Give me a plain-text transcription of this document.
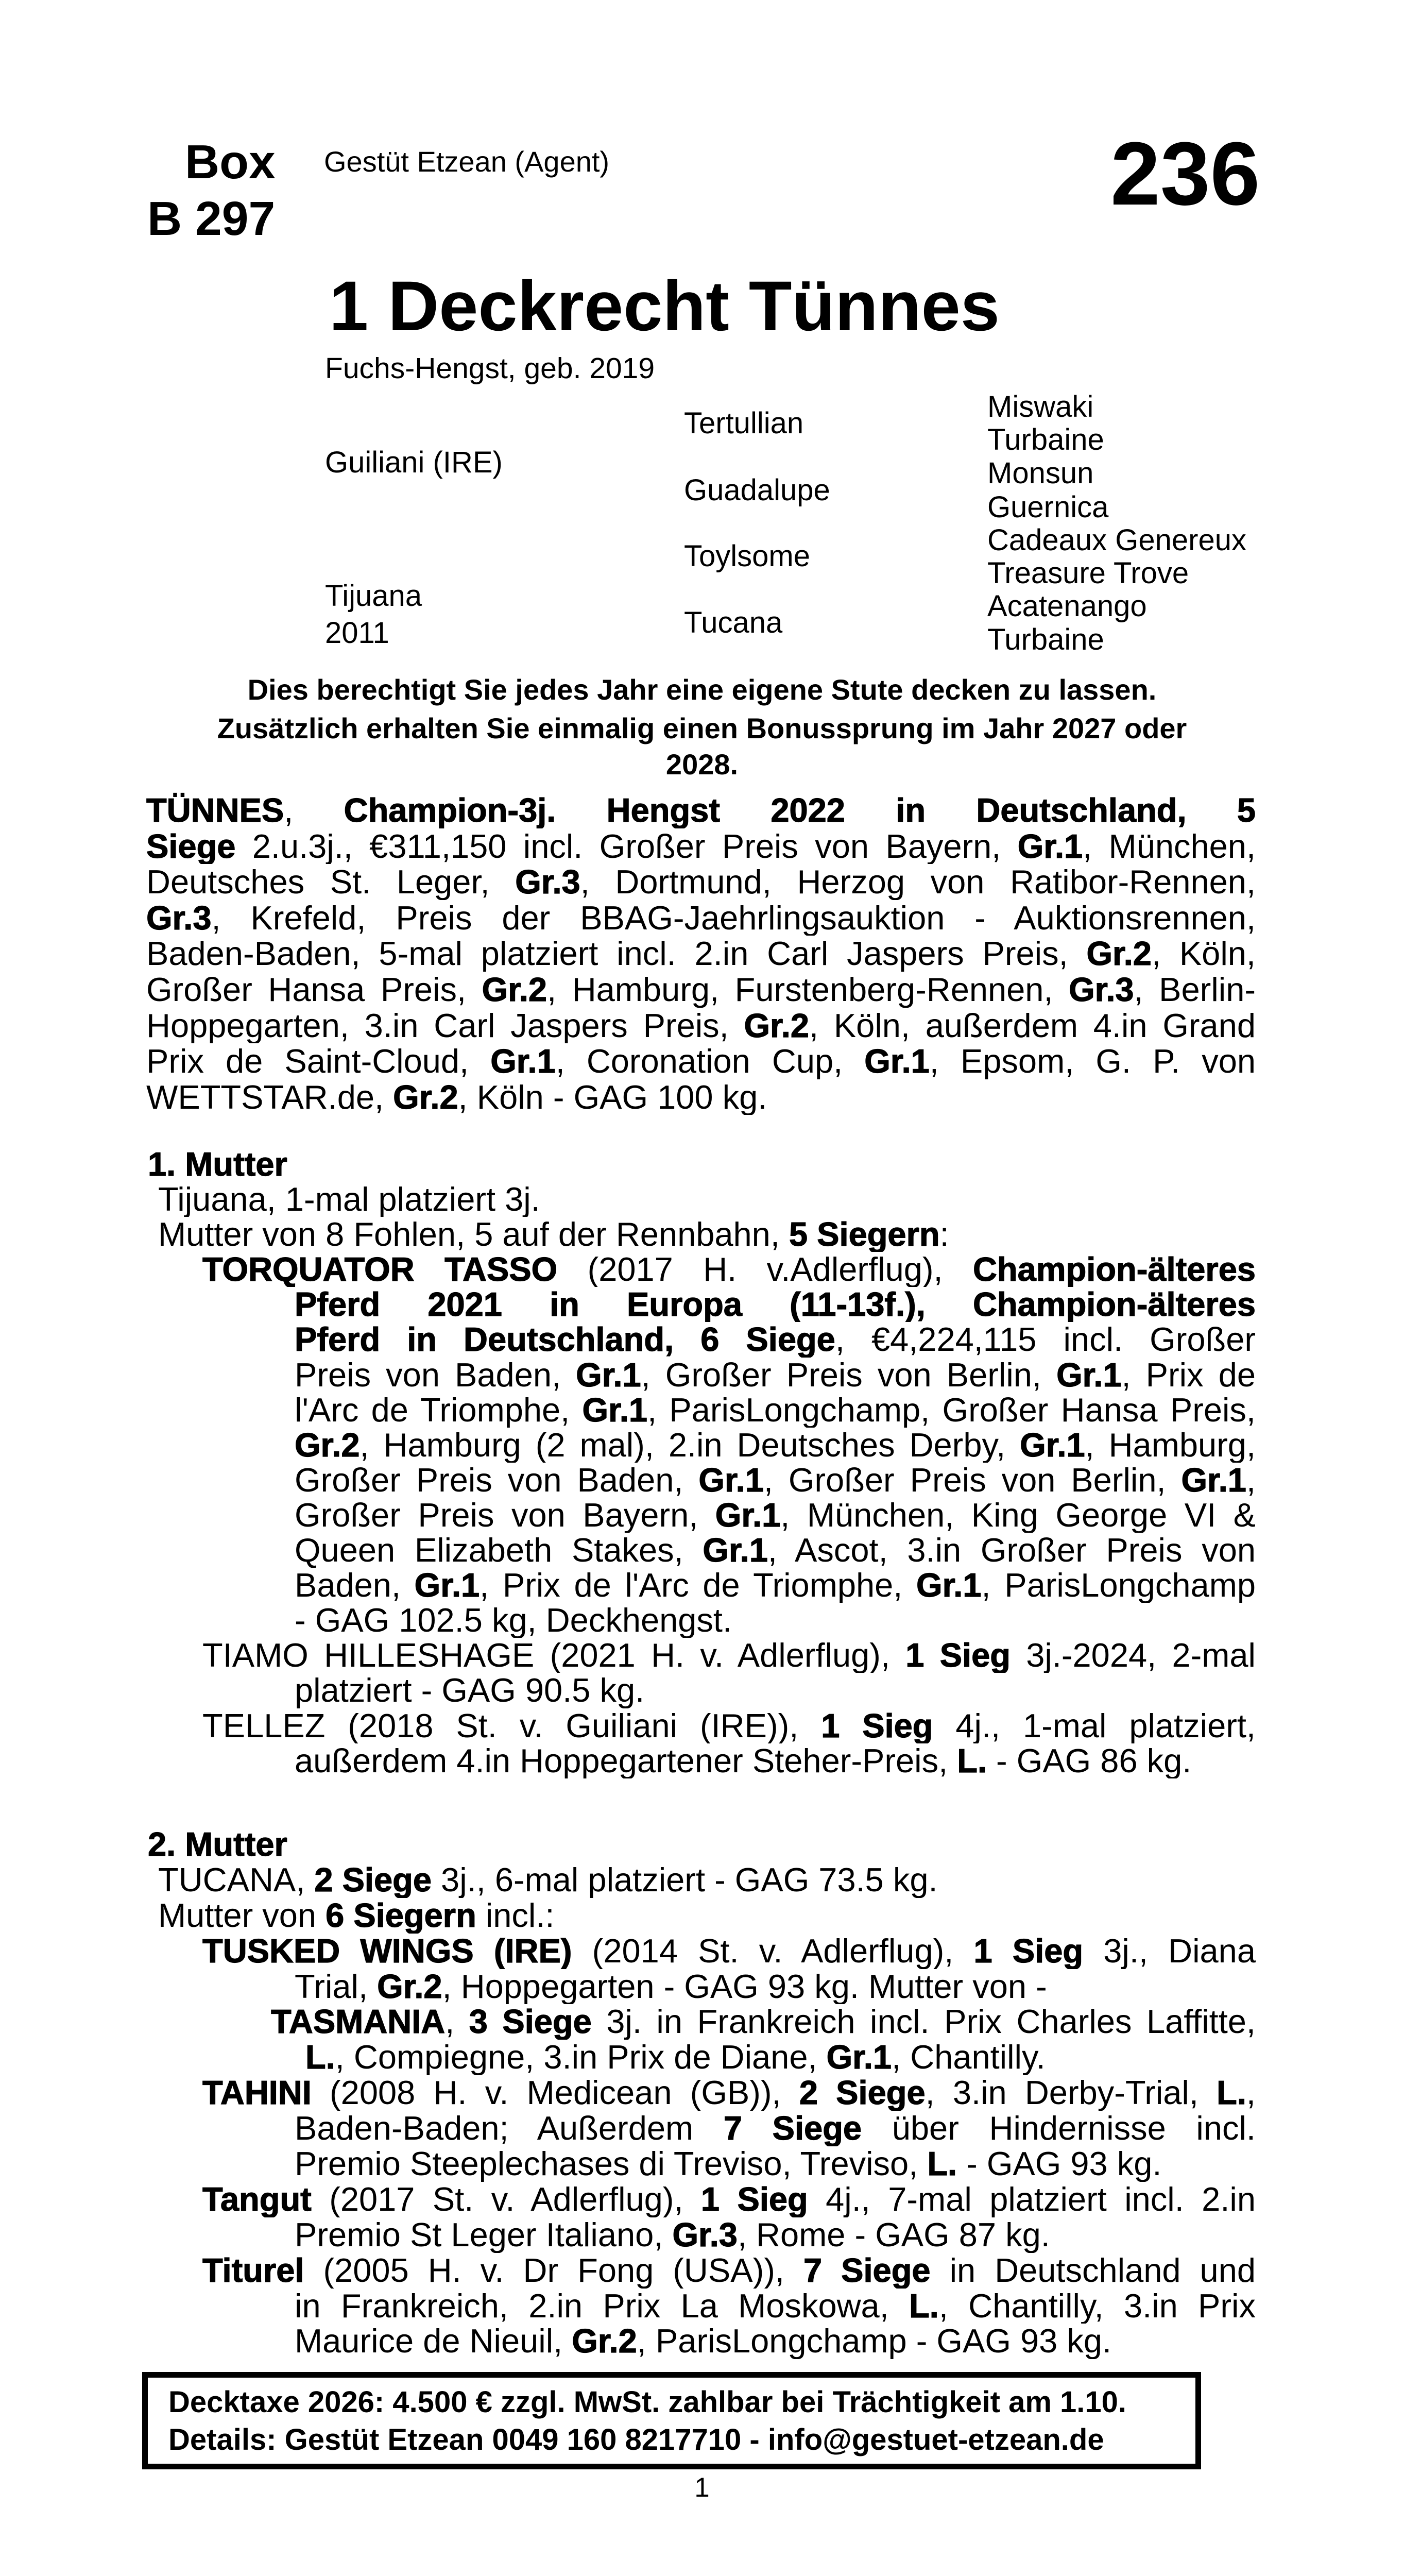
Box
B 297
Gestüt Etzean (Agent)	236
1 Deckrecht Tünnes
Fuchs-Hengst, geb. 2019
Guiliani (IRE)
Tijuana
2011
Tertullian
Guadalupe
Toylsome
Tucana
Miswaki
Turbaine
Monsun
Guernica
Cadeaux Genereux
Treasure Trove
Acatenango
Turbaine
Dies berechtigt Sie jedes Jahr eine eigene Stute decken zu lassen.
Zusätzlich erhalten Sie einmalig einen Bonussprung im Jahr 2027 oder
2028.
TÜNNES, Champion-3j. Hengst 2022 in Deutschland, 5
Siege 2.u.3j., €311,150 incl. Großer Preis von Bayern, Gr.1, München,
Deutsches St. Leger, Gr.3, Dortmund, Herzog von Ratibor-Rennen,
Gr.3, Krefeld, Preis der BBAG-Jaehrlingsauktion - Auktionsrennen,
Baden-Baden, 5-mal platziert incl. 2.in Carl Jaspers Preis, Gr.2, Köln,
Großer Hansa Preis, Gr.2, Hamburg, Furstenberg-Rennen, Gr.3, Berlin-
Hoppegarten, 3.in Carl Jaspers Preis, Gr.2, Köln, außerdem 4.in Grand
Prix de Saint-Cloud, Gr.1, Coronation Cup, Gr.1, Epsom, G. P. von
WETTSTAR.de, Gr.2, Köln - GAG 100 kg.
1. Mutter
Tijuana, 1-mal platziert 3j.
Mutter von 8 Fohlen, 5 auf der Rennbahn, 5 Siegern:
TORQUATOR TASSO (2017 H. v.Adlerflug), Champion-älteres
Pferd 2021 in Europa (11-13f.), Champion-älteres
Pferd in Deutschland, 6 Siege, €4,224,115 incl. Großer
Preis von Baden, Gr.1, Großer Preis von Berlin, Gr.1, Prix de
l'Arc de Triomphe, Gr.1, ParisLongchamp, Großer Hansa Preis,
Gr.2, Hamburg (2 mal), 2.in Deutsches Derby, Gr.1, Hamburg,
Großer Preis von Baden, Gr.1, Großer Preis von Berlin, Gr.1,
Großer Preis von Bayern, Gr.1, München, King George VI &
Queen Elizabeth Stakes, Gr.1, Ascot, 3.in Großer Preis von
Baden, Gr.1, Prix de l'Arc de Triomphe, Gr.1, ParisLongchamp
- GAG 102.5 kg, Deckhengst.
TIAMO HILLESHAGE (2021 H. v. Adlerflug), 1 Sieg 3j.-2024, 2-mal
platziert - GAG 90.5 kg.
TELLEZ (2018 St. v. Guiliani (IRE)), 1 Sieg 4j., 1-mal platziert,
außerdem 4.in Hoppegartener Steher-Preis, L. - GAG 86 kg.
2. Mutter
TUCANA, 2 Siege 3j., 6-mal platziert - GAG 73.5 kg.
Mutter von 6 Siegern incl.:
TUSKED WINGS (IRE) (2014 St. v. Adlerflug), 1 Sieg 3j., Diana
Trial, Gr.2, Hoppegarten - GAG 93 kg. Mutter von -
TASMANIA, 3 Siege 3j. in Frankreich incl. Prix Charles Laffitte,
L., Compiegne, 3.in Prix de Diane, Gr.1, Chantilly.
TAHINI (2008 H. v. Medicean (GB)), 2 Siege, 3.in Derby-Trial, L.,
Baden-Baden; Außerdem 7 Siege über Hindernisse incl.
Premio Steeplechases di Treviso, Treviso, L. - GAG 93 kg.
Tangut (2017 St. v. Adlerflug), 1 Sieg 4j., 7-mal platziert incl. 2.in
Premio St Leger Italiano, Gr.3, Rome - GAG 87 kg.
Titurel (2005 H. v. Dr Fong (USA)), 7 Siege in Deutschland und
in Frankreich, 2.in Prix La Moskowa, L., Chantilly, 3.in Prix
Maurice de Nieuil, Gr.2, ParisLongchamp - GAG 93 kg.
Decktaxe 2026: 4.500 € zzgl. MwSt. zahlbar bei Trächtigkeit am 1.10.
Details: Gestüt Etzean 0049 160 8217710 - info@gestuet-etzean.de
1
